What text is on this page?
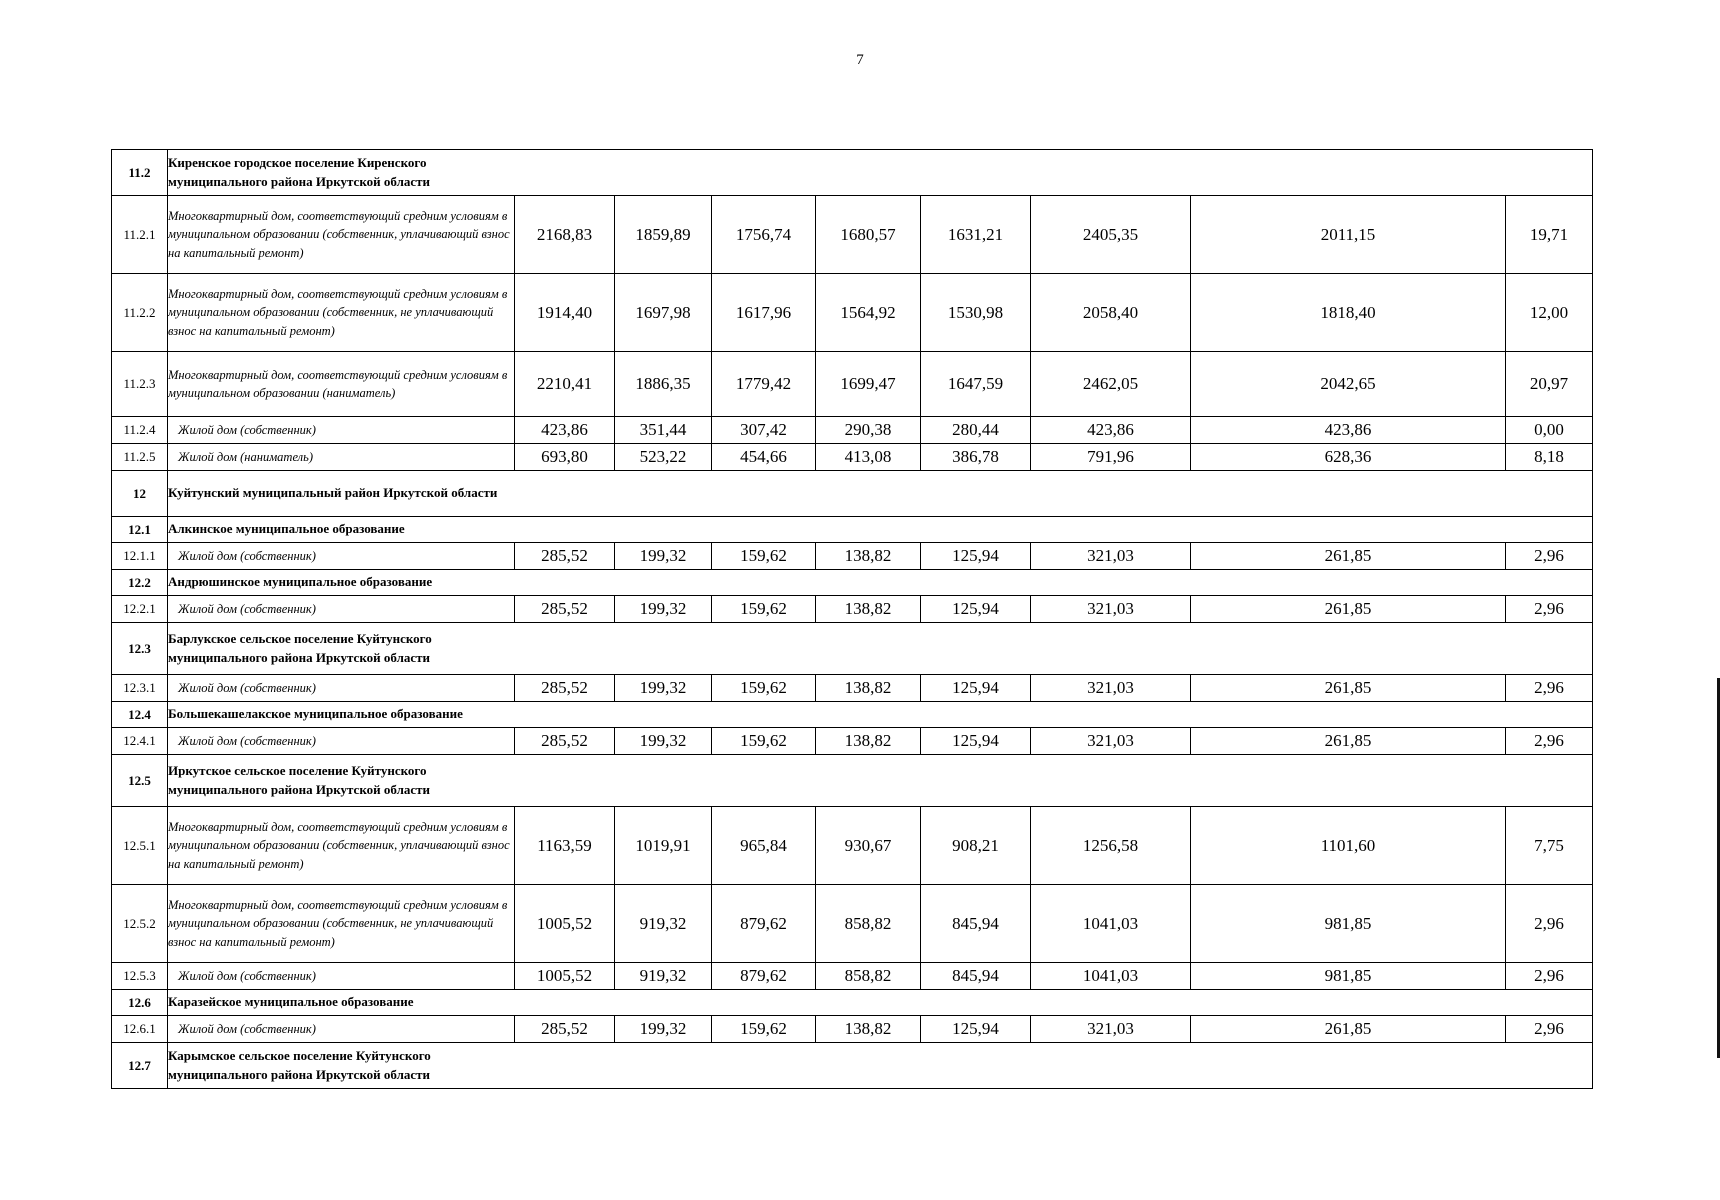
7
11.2	Киренское городское поселение Киренского муниципального района Иркутской области								

11.2.1	Многоквартирный дом, соответствующий средним условиям в муниципальном образовании (собственник, уплачивающий взнос на капитальный ремонт)	2168,83	1859,89	1756,74	1680,57	1631,21	2405,35	2011,15	19,71
11.2.2	Многоквартирный дом, соответствующий средним условиям в муниципальном образовании (собственник, не уплачивающий взнос на капитальный ремонт)	1914,40	1697,98	1617,96	1564,92	1530,98	2058,40	1818,40	12,00
11.2.3	Многоквартирный дом, соответствующий средним условиям в муниципальном образовании (наниматель)	2210,41	1886,35	1779,42	1699,47	1647,59	2462,05	2042,65	20,97
11.2.4	Жилой дом (собственник)	423,86	351,44	307,42	290,38	280,44	423,86	423,86	0,00
11.2.5	Жилой дом (наниматель)	693,80	523,22	454,66	413,08	386,78	791,96	628,36	8,18
12	Куйтунский муниципальный район Иркутской области								

12.1	Алкинское муниципальное образование								

12.1.1	Жилой дом (собственник)	285,52	199,32	159,62	138,82	125,94	321,03	261,85	2,96
12.2	Андрюшинское муниципальное образование								

12.2.1	Жилой дом (собственник)	285,52	199,32	159,62	138,82	125,94	321,03	261,85	2,96
12.3	Барлукское сельское поселение Куйтунского муниципального района Иркутской области								

12.3.1	Жилой дом (собственник)	285,52	199,32	159,62	138,82	125,94	321,03	261,85	2,96
12.4	Большекашелакское муниципальное образование								

12.4.1	Жилой дом (собственник)	285,52	199,32	159,62	138,82	125,94	321,03	261,85	2,96
12.5	Иркутское сельское поселение Куйтунского муниципального района Иркутской области								

12.5.1	Многоквартирный дом, соответствующий средним условиям в муниципальном образовании (собственник, уплачивающий взнос на капитальный ремонт)	1163,59	1019,91	965,84	930,67	908,21	1256,58	1101,60	7,75
12.5.2	Многоквартирный дом, соответствующий средним условиям в муниципальном образовании (собственник, не уплачивающий взнос на капитальный ремонт)	1005,52	919,32	879,62	858,82	845,94	1041,03	981,85	2,96
12.5.3	Жилой дом (собственник)	1005,52	919,32	879,62	858,82	845,94	1041,03	981,85	2,96
12.6	Каразейское муниципальное образование								

12.6.1	Жилой дом (собственник)	285,52	199,32	159,62	138,82	125,94	321,03	261,85	2,96
12.7	Карымское сельское поселение Куйтунского муниципального района Иркутской области								
